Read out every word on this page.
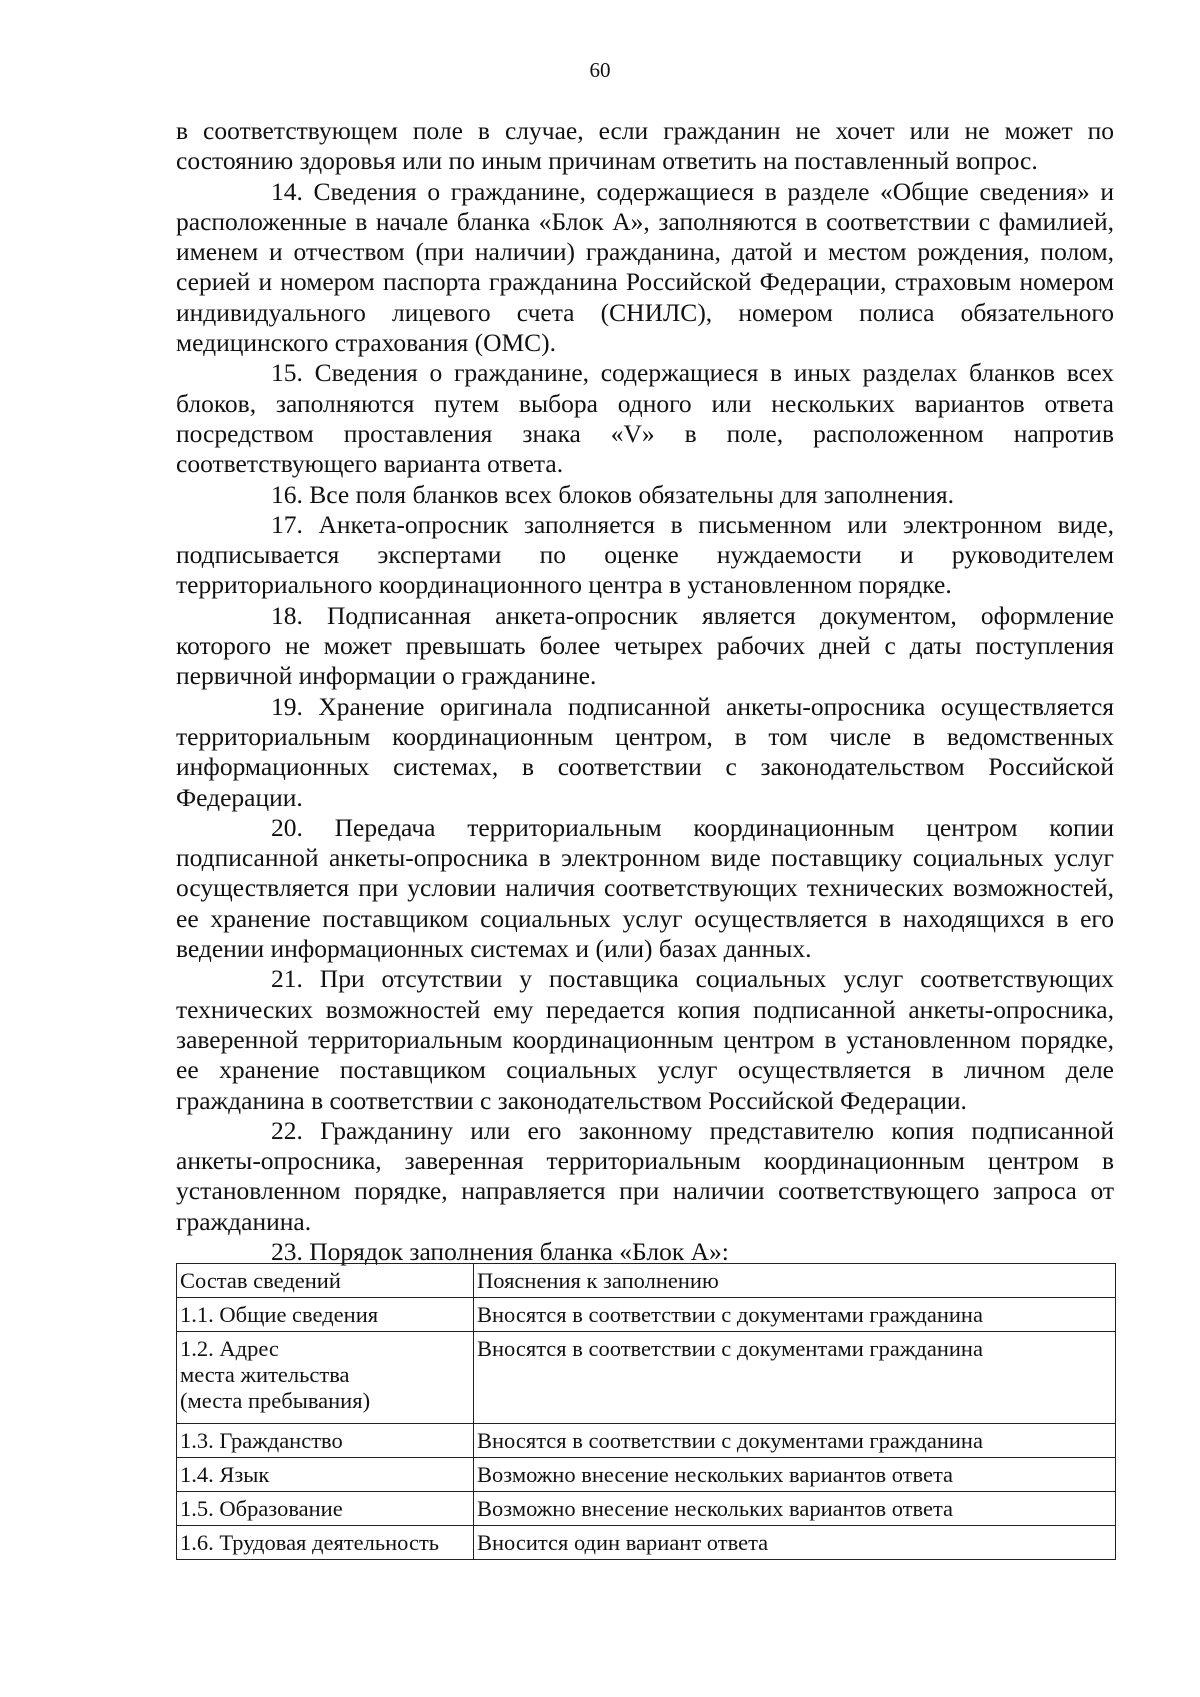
60

в соответствующем поле в случае, если гражданин не хочет или не может по состоянию здоровья или по иным причинам ответить на поставленный вопрос.

14. Сведения о гражданине, содержащиеся в разделе «Общие сведения» и расположенные в начале бланка «Блок А», заполняются в соответствии с фамилией, именем и отчеством (при наличии) гражданина, датой и местом рождения, полом, серией и номером паспорта гражданина Российской Федерации, страховым номером индивидуального лицевого счета (СНИЛС), номером полиса обязательного медицинского страхования (ОМС).

15. Сведения о гражданине, содержащиеся в иных разделах бланков всех блоков, заполняются путем выбора одного или нескольких вариантов ответа посредством проставления знака «V» в поле, расположенном напротив соответствующего варианта ответа.

16. Все поля бланков всех блоков обязательны для заполнения.

17. Анкета-опросник заполняется в письменном или электронном виде, подписывается экспертами по оценке нуждаемости и руководителем территориального координационного центра в установленном порядке.

18. Подписанная анкета-опросник является документом, оформление которого не может превышать более четырех рабочих дней с даты поступления первичной информации о гражданине.

19. Хранение оригинала подписанной анкеты-опросника осуществляется территориальным координационным центром, в том числе в ведомственных информационных системах, в соответствии с законодательством Российской Федерации.

20. Передача территориальным координационным центром копии подписанной анкеты-опросника в электронном виде поставщику социальных услуг осуществляется при условии наличия соответствующих технических возможностей, ее хранение поставщиком социальных услуг осуществляется в находящихся в его ведении информационных системах и (или) базах данных.

21. При отсутствии у поставщика социальных услуг соответствующих технических возможностей ему передается копия подписанной анкеты-опросника, заверенной территориальным координационным центром в установленном порядке, ее хранение поставщиком социальных услуг осуществляется в личном деле гражданина в соответствии с законодательством Российской Федерации.

22. Гражданину или его законному представителю копия подписанной анкеты-опросника, заверенная территориальным координационным центром в установленном порядке, направляется при наличии соответствующего запроса от гражданина.

23. Порядок заполнения бланка «Блок А»:

Состав сведений	Пояснения к заполнению
1.1. Общие сведения	Вносятся в соответствии с документами гражданина
1.2. Адрес
места жительства
(места пребывания)	Вносятся в соответствии с документами гражданина
1.3. Гражданство	Вносятся в соответствии с документами гражданина
1.4. Язык	Возможно внесение нескольких вариантов ответа
1.5. Образование	Возможно внесение нескольких вариантов ответа
1.6. Трудовая деятельность	Вносится один вариант ответа
